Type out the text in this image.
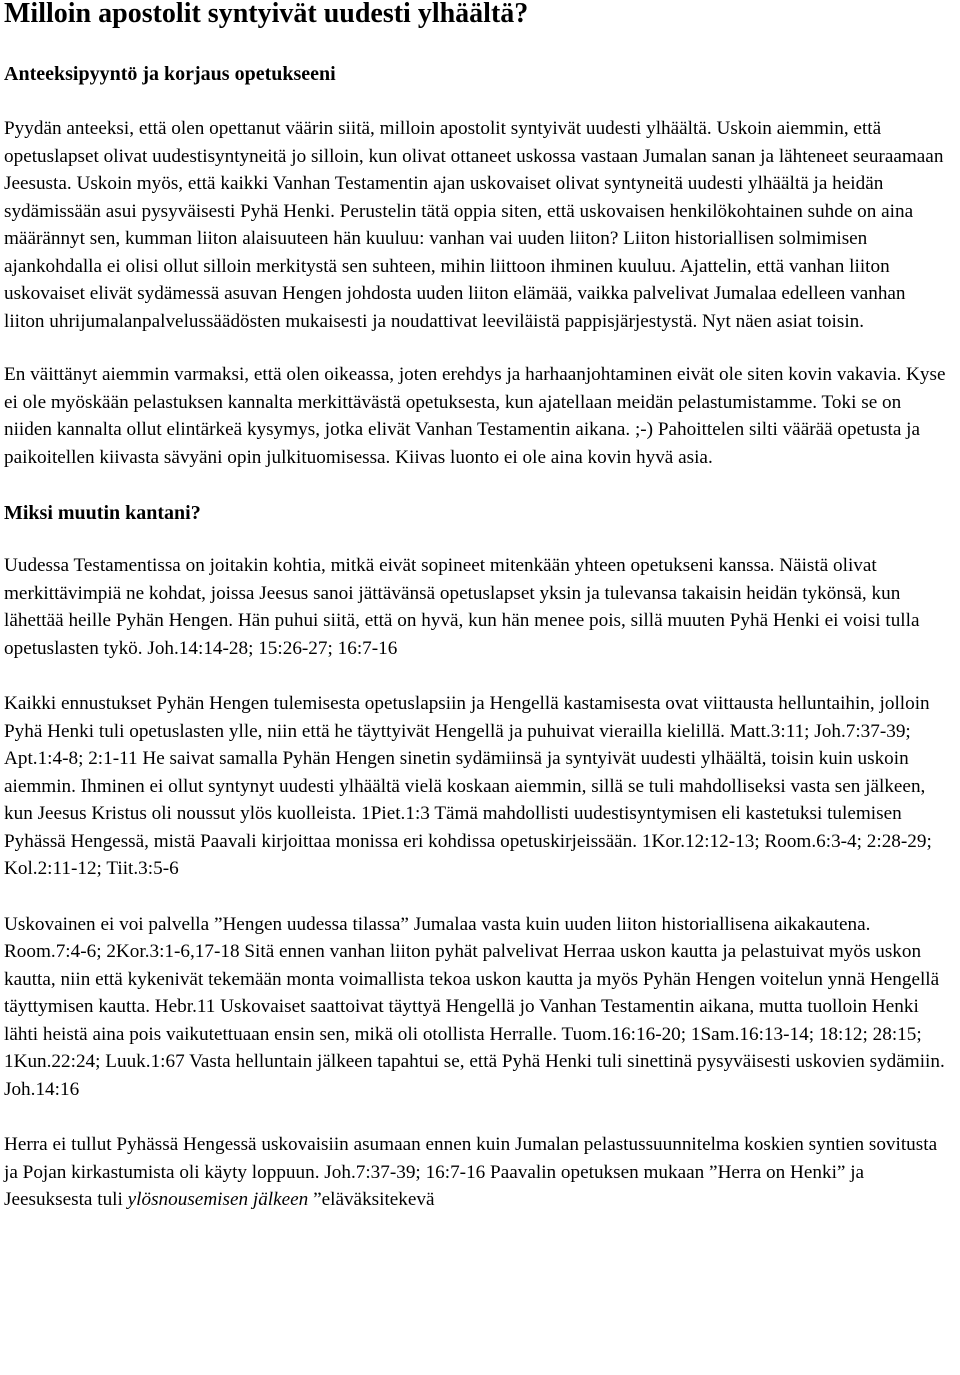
Milloin apostolit syntyivät uudesti ylhäältä?
Anteeksipyyntö ja korjaus opetukseeni

Pyydän anteeksi, että olen opettanut väärin siitä, milloin apostolit syntyivät uudesti ylhäältä. Uskoin aiemmin, että opetuslapset olivat uudestisyntyneitä jo silloin, kun olivat ottaneet uskossa vastaan Jumalan sanan ja lähteneet seuraamaan Jeesusta. Uskoin myös, että kaikki Vanhan Testamentin ajan uskovaiset olivat syntyneitä uudesti ylhäältä ja heidän sydämissään asui pysyväisesti Pyhä Henki. Perustelin tätä oppia siten, että uskovaisen henkilökohtainen suhde on aina määrännyt sen, kumman liiton alaisuuteen hän kuuluu: vanhan vai uuden liiton? Liiton historiallisen solmimisen ajankohdalla ei olisi ollut silloin merkitystä sen suhteen, mihin liittoon ihminen kuuluu. Ajattelin, että vanhan liiton uskovaiset elivät sydämessä asuvan Hengen johdosta uuden liiton elämää, vaikka palvelivat Jumalaa edelleen vanhan liiton uhrijumalanpalvelussäädösten mukaisesti ja noudattivat leeviläistä pappisjärjestystä. Nyt näen asiat toisin.

En väittänyt aiemmin varmaksi, että olen oikeassa, joten erehdys ja harhaanjohtaminen eivät ole siten kovin vakavia. Kyse ei ole myöskään pelastuksen kannalta merkittävästä opetuksesta, kun ajatellaan meidän pelastumistamme. Toki se on niiden kannalta ollut elintärkeä kysymys, jotka elivät Vanhan Testamentin aikana. ;-) Pahoittelen silti väärää opetusta ja paikoitellen kiivasta sävyäni opin julkituomisessa. Kiivas luonto ei ole aina kovin hyvä asia.

Miksi muutin kantani?

Uudessa Testamentissa on joitakin kohtia, mitkä eivät sopineet mitenkään yhteen opetukseni kanssa. Näistä olivat merkittävimpiä ne kohdat, joissa Jeesus sanoi jättävänsä opetuslapset yksin ja tulevansa takaisin heidän tykönsä, kun lähettää heille Pyhän Hengen. Hän puhui siitä, että on hyvä, kun hän menee pois, sillä muuten Pyhä Henki ei voisi tulla opetuslasten tykö. Joh.14:14-28; 15:26-27; 16:7-16

Kaikki ennustukset Pyhän Hengen tulemisesta opetuslapsiin ja Hengellä kastamisesta ovat viittausta helluntaihin, jolloin Pyhä Henki tuli opetuslasten ylle, niin että he täyttyivät Hengellä ja puhuivat vierailla kielillä. Matt.3:11; Joh.7:37-39; Apt.1:4-8; 2:1-11 He saivat samalla Pyhän Hengen sinetin sydämiinsä ja syntyivät uudesti ylhäältä, toisin kuin uskoin aiemmin. Ihminen ei ollut syntynyt uudesti ylhäältä vielä koskaan aiemmin, sillä se tuli mahdolliseksi vasta sen jälkeen, kun Jeesus Kristus oli noussut ylös kuolleista. 1Piet.1:3 Tämä mahdollisti uudestisyntymisen eli kastetuksi tulemisen Pyhässä Hengessä, mistä Paavali kirjoittaa monissa eri kohdissa opetuskirjeissään. 1Kor.12:12-13; Room.6:3-4; 2:28-29; Kol.2:11-12; Tiit.3:5-6

Uskovainen ei voi palvella ”Hengen uudessa tilassa” Jumalaa vasta kuin uuden liiton historiallisena aikakautena. Room.7:4-6; 2Kor.3:1-6,17-18 Sitä ennen vanhan liiton pyhät palvelivat Herraa uskon kautta ja pelastuivat myös uskon kautta, niin että kykenivät tekemään monta voimallista tekoa uskon kautta ja myös Pyhän Hengen voitelun ynnä Hengellä täyttymisen kautta. Hebr.11 Uskovaiset saattoivat täyttyä Hengellä jo Vanhan Testamentin aikana, mutta tuolloin Henki lähti heistä aina pois vaikutettuaan ensin sen, mikä oli otollista Herralle. Tuom.16:16-20; 1Sam.16:13-14; 18:12; 28:15; 1Kun.22:24; Luuk.1:67 Vasta helluntain jälkeen tapahtui se, että Pyhä Henki tuli sinettinä pysyväisesti uskovien sydämiin. Joh.14:16

Herra ei tullut Pyhässä Hengessä uskovaisiin asumaan ennen kuin Jumalan pelastussuunnitelma koskien syntien sovitusta ja Pojan kirkastumista oli käyty loppuun. Joh.7:37-39; 16:7-16 Paavalin opetuksen mukaan ”Herra on Henki” ja Jeesuksesta tuli ylösnousemisen jälkeen ”eläväksitekevä
